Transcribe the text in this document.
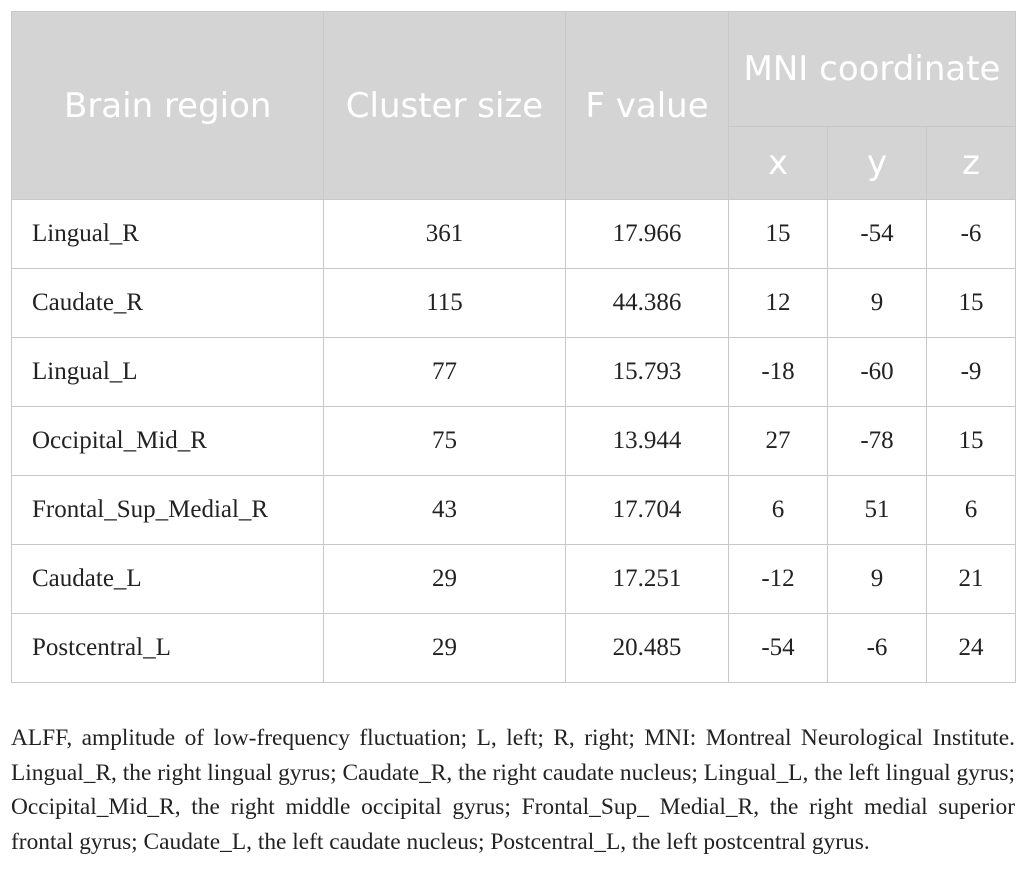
Brain region	Cluster size	F value	MNI coordinate		
			x	y	z
Lingual_R	361	17.966	15	-54	-6
Caudate_R	115	44.386	12	9	15
Lingual_L	77	15.793	-18	-60	-9
Occipital_Mid_R	75	13.944	27	-78	15
Frontal_Sup_Medial_R	43	17.704	6	51	6
Caudate_L	29	17.251	-12	9	21
Postcentral_L	29	20.485	-54	-6	24

ALFF, amplitude of low-frequency fluctuation; L, left; R, right; MNI: Montreal Neurological Institute. Lingual_R, the right lingual gyrus; Caudate_R, the right caudate nucleus; Lingual_L, the left lingual gyrus; Occipital_Mid_R, the right middle occipital gyrus; Frontal_Sup_ Medial_R, the right medial superior frontal gyrus; Caudate_L, the left caudate nucleus; Postcentral_L, the left postcentral gyrus.
